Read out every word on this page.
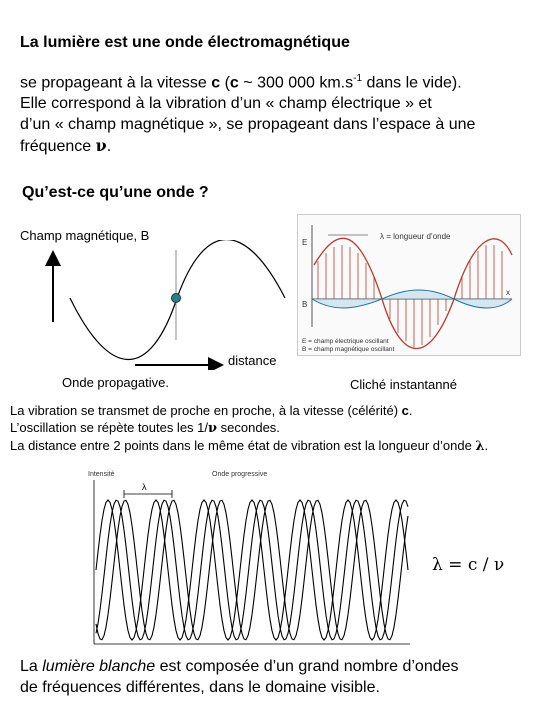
La lumière est une onde électromagnétique
se propageant à la vitesse c (c ~ 300 000 $km.s^{-1}$ dans le vide).
Elle correspond à la vibration d’un « champ électrique » et
d’un « champ magnétique », se propageant dans l’espace à une
fréquence ν.
Qu’est-ce qu’une onde ?
Champ magnétique, B
distance
Onde propagative.
λ = longueur d’onde
E
B
x
E = champ électrique oscillant
B = champ magnétique oscillant
Cliché instantanné
La vibration se transmet de proche en proche, à la vitesse (célérité) c.
L’oscillation se répète toutes les 1/ν secondes.
La distance entre 2 points dans le même état de vibration est la longueur d’onde λ.
Intensité	Onde progressive
λ
λ = c / ν
La lumière blanche est composée d’un grand nombre d’ondes
de fréquences différentes, dans le domaine visible.
